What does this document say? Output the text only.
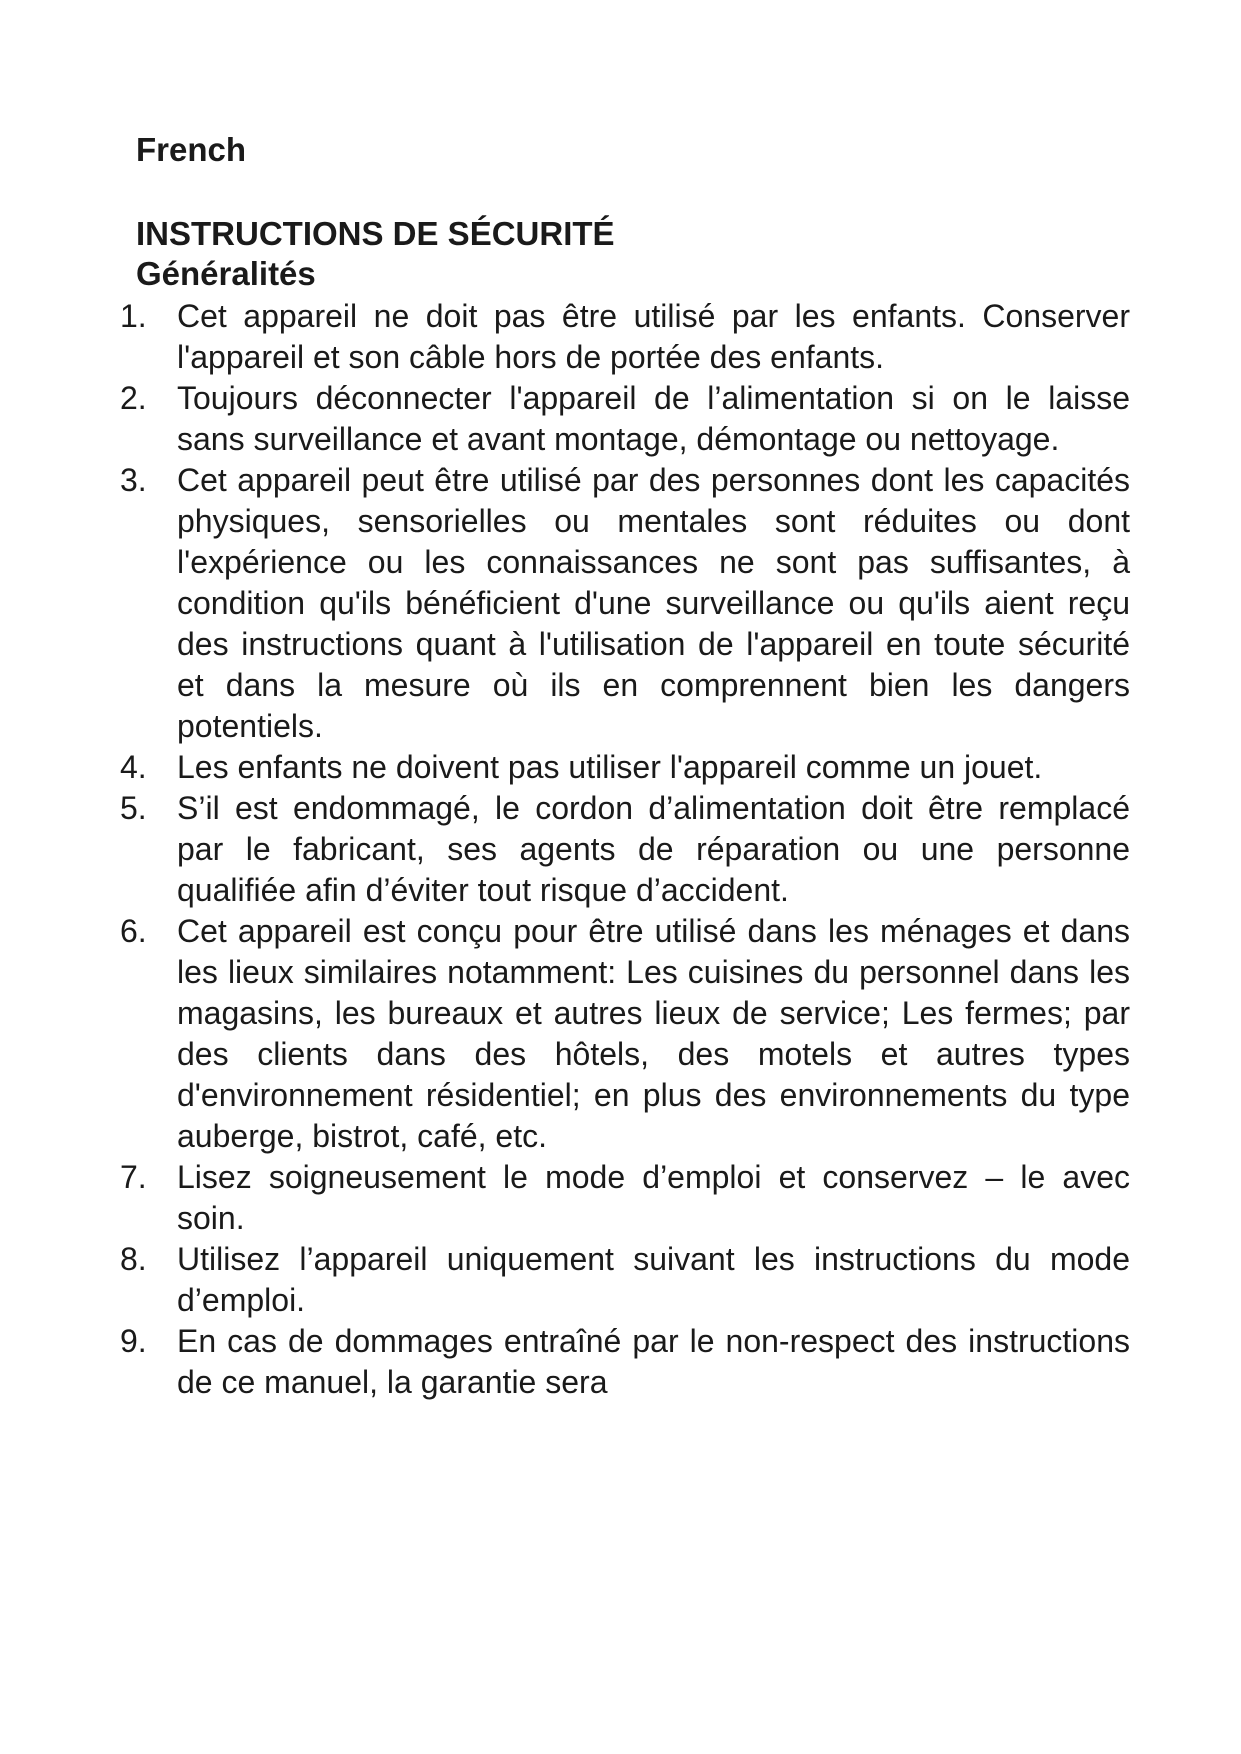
French
INSTRUCTIONS DE SÉCURITÉ
Généralités
1. Cet appareil ne doit pas être utilisé par les enfants. Conserver l'appareil et son câble hors de portée des enfants.
2. Toujours déconnecter l'appareil de l’alimentation si on le laisse sans surveillance et avant montage, démontage ou nettoyage.
3. Cet appareil peut être utilisé par des personnes dont les capacités physiques, sensorielles ou mentales sont réduites ou dont l'expérience ou les connaissances ne sont pas suffisantes, à condition qu'ils bénéficient d'une surveillance ou qu'ils aient reçu des instructions quant à l'utilisation de l'appareil en toute sécurité et dans la mesure où ils en comprennent bien les dangers potentiels.
4. Les enfants ne doivent pas utiliser l'appareil comme un jouet.
5. S’il est endommagé, le cordon d’alimentation doit être remplacé par le fabricant, ses agents de réparation ou une personne qualifiée afin d’éviter tout risque d’accident.
6. Cet appareil est conçu pour être utilisé dans les ménages et dans les lieux similaires notamment: Les cuisines du personnel dans les magasins, les bureaux et autres lieux de service; Les fermes; par des clients dans des hôtels, des motels et autres types d'environnement résidentiel; en plus des environnements du type auberge, bistrot, café, etc.
7. Lisez soigneusement le mode d’emploi et conservez – le avec soin.
8. Utilisez l’appareil uniquement suivant les instructions du mode d’emploi.
9. En cas de dommages entraîné par le non-respect des instructions de ce manuel, la garantie sera
